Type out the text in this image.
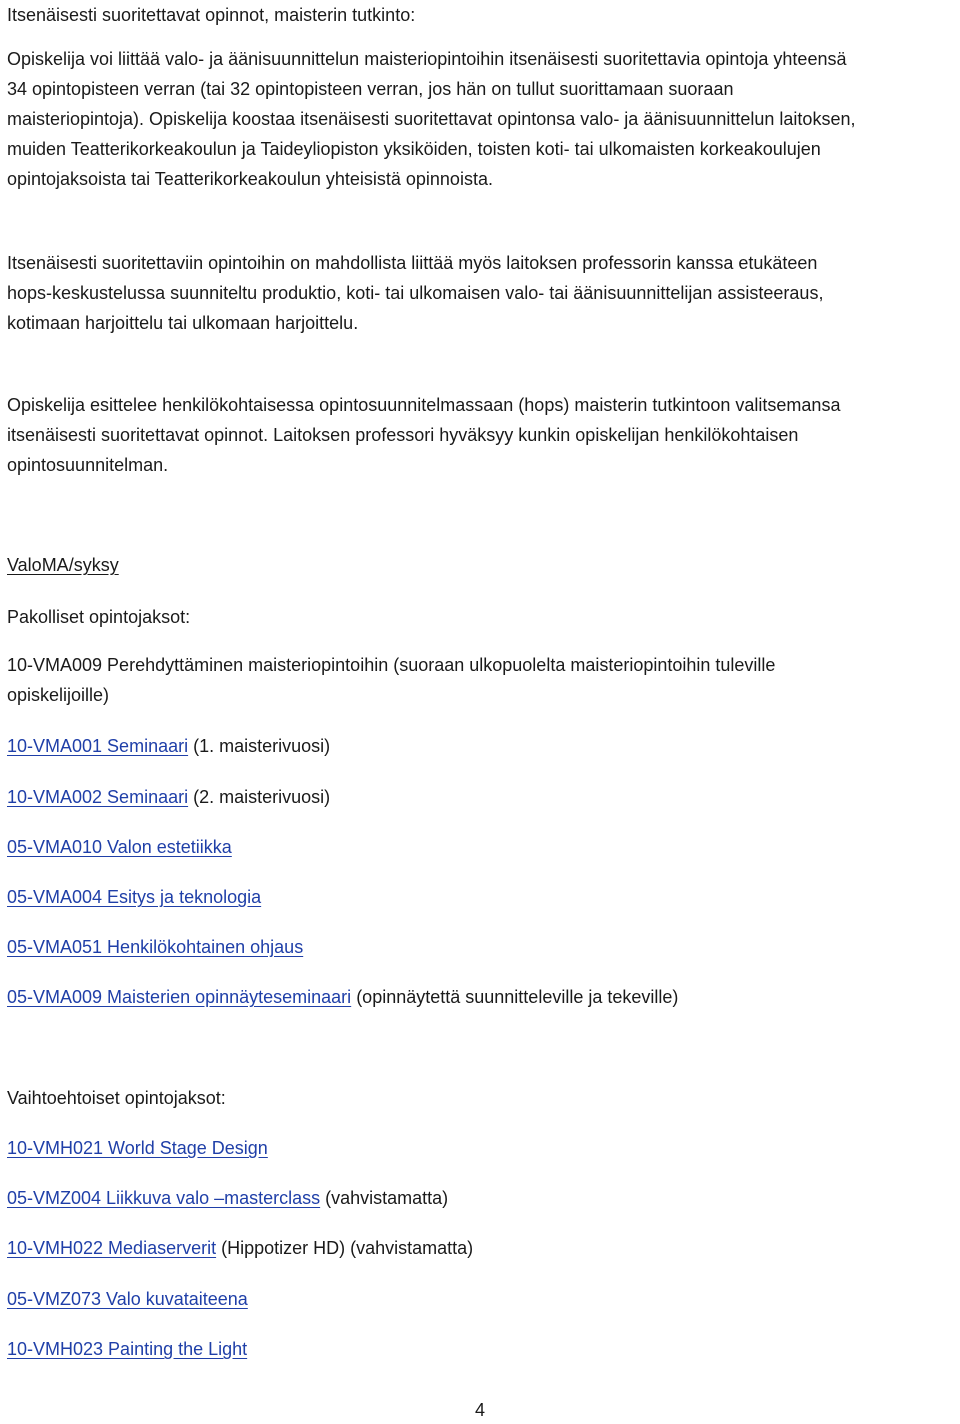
Itsenäisesti suoritettavat opinnot, maisterin tutkinto:
Opiskelija voi liittää valo- ja äänisuunnittelun maisteriopintoihin itsenäisesti suoritettavia opintoja yhteensä
34 opintopisteen verran (tai 32 opintopisteen verran, jos hän on tullut suorittamaan suoraan
maisteriopintoja). Opiskelija koostaa itsenäisesti suoritettavat opintonsa valo- ja äänisuunnittelun laitoksen,
muiden Teatterikorkeakoulun ja Taideyliopiston yksiköiden, toisten koti- tai ulkomaisten korkeakoulujen
opintojaksoista tai Teatterikorkeakoulun yhteisistä opinnoista.
Itsenäisesti suoritettaviin opintoihin on mahdollista liittää myös laitoksen professorin kanssa etukäteen
hops-keskustelussa suunniteltu produktio, koti- tai ulkomaisen valo- tai äänisuunnittelijan assisteeraus,
kotimaan harjoittelu tai ulkomaan harjoittelu.
Opiskelija esittelee henkilökohtaisessa opintosuunnitelmassaan (hops) maisterin tutkintoon valitsemansa
itsenäisesti suoritettavat opinnot. Laitoksen professori hyväksyy kunkin opiskelijan henkilökohtaisen
opintosuunnitelman.
ValoMA/syksy
Pakolliset opintojaksot:
10-VMA009 Perehdyttäminen maisteriopintoihin (suoraan ulkopuolelta maisteriopintoihin tuleville
opiskelijoille)
10-VMA001 Seminaari (1. maisterivuosi)
10-VMA002 Seminaari (2. maisterivuosi)
05-VMA010 Valon estetiikka
05-VMA004 Esitys ja teknologia
05-VMA051 Henkilökohtainen ohjaus
05-VMA009 Maisterien opinnäyteseminaari (opinnäytettä suunnitteleville ja tekeville)
Vaihtoehtoiset opintojaksot:
10-VMH021 World Stage Design
05-VMZ004 Liikkuva valo –masterclass (vahvistamatta)
10-VMH022 Mediaserverit (Hippotizer HD) (vahvistamatta)
05-VMZ073 Valo kuvataiteena
10-VMH023 Painting the Light
4
